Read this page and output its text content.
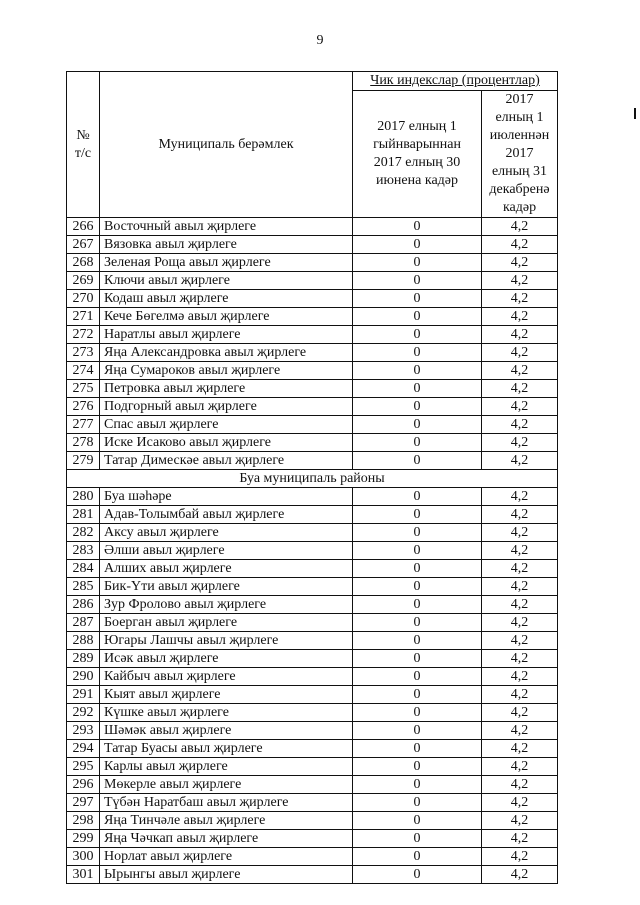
9
№ т/с	Муниципаль берәмлек	Чик индекслар (процентлар)	
		2017 елның 1 гыйнварыннан 2017 елның 30 июнена кадәр	2017 елның 1 июленнән 2017 елның 31 декабренә кадәр
266	Восточный авыл җирлеге	0	4,2
267	Вязовка авыл җирлеге	0	4,2
268	Зеленая Роща авыл җирлеге	0	4,2
269	Ключи авыл җирлеге	0	4,2
270	Кодаш авыл җирлеге	0	4,2
271	Кече Бөгелмә авыл җирлеге	0	4,2
272	Наратлы авыл җирлеге	0	4,2
273	Яңа Александровка авыл җирлеге	0	4,2
274	Яңа Сумароков авыл җирлеге	0	4,2
275	Петровка авыл җирлеге	0	4,2
276	Подгорный авыл җирлеге	0	4,2
277	Спас авыл җирлеге	0	4,2
278	Иске Исаково авыл җирлеге	0	4,2
279	Татар Димескәе авыл җирлеге	0	4,2
Буа муниципаль районы			
280	Буа шәһәре	0	4,2
281	Адав-Толымбай авыл җирлеге	0	4,2
282	Аксу авыл җирлеге	0	4,2
283	Әлши авыл җирлеге	0	4,2
284	Алших авыл җирлеге	0	4,2
285	Бик-Үти авыл җирлеге	0	4,2
286	Зур Фролово авыл җирлеге	0	4,2
287	Боерган авыл җирлеге	0	4,2
288	Югары Лашчы авыл җирлеге	0	4,2
289	Исәк авыл җирлеге	0	4,2
290	Кайбыч авыл җирлеге	0	4,2
291	Кыят авыл җирлеге	0	4,2
292	Күшке авыл җирлеге	0	4,2
293	Шәмәк авыл җирлеге	0	4,2
294	Татар Буасы авыл җирлеге	0	4,2
295	Карлы авыл җирлеге	0	4,2
296	Мөкерле авыл җирлеге	0	4,2
297	Түбән Наратбаш авыл җирлеге	0	4,2
298	Яңа Тинчәле авыл җирлеге	0	4,2
299	Яңа Чәчкап авыл җирлеге	0	4,2
300	Норлат авыл җирлеге	0	4,2
301	Ырынгы авыл җирлеге	0	4,2
